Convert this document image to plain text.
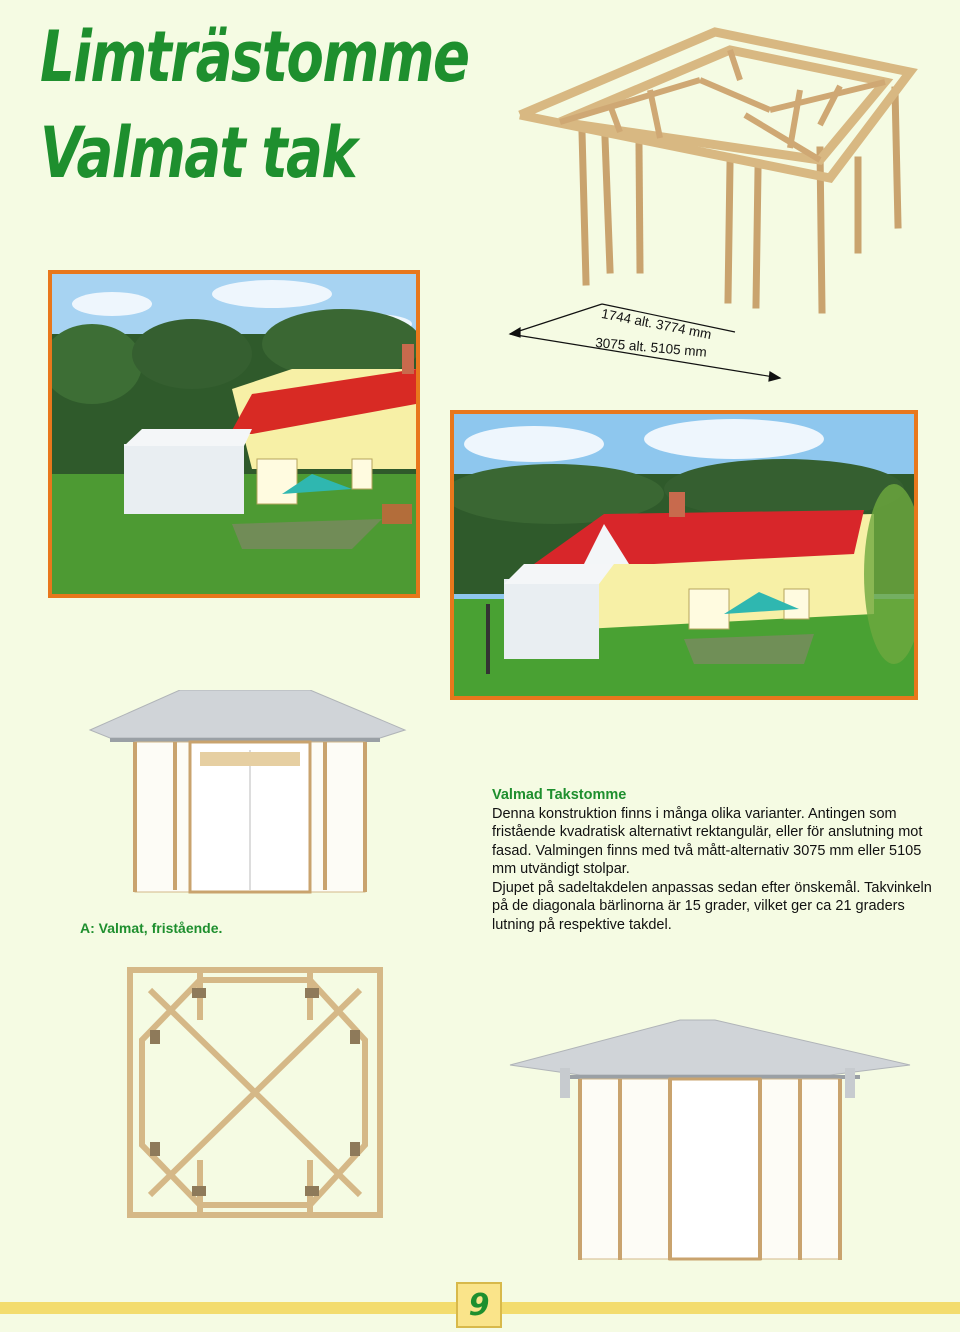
Limträstomme
Valmat tak
1744 alt. 3774 mm
3075 alt. 5105 mm

A: Valmat, fristående.

Valmad Takstomme

Denna konstruktion finns i många olika varianter. Antingen som fristående kvadratisk alternativt rektangulär, eller för anslutning mot fasad. Valmingen finns med två mått-alternativ 3075 mm eller 5105 mm utvändigt stolpar.

Djupet på sadeltakdelen anpassas sedan efter önskemål. Takvinkeln på de diagonala bärlinorna är 15 grader, vilket ger ca 21 graders lutning på respektive takdel.

9
